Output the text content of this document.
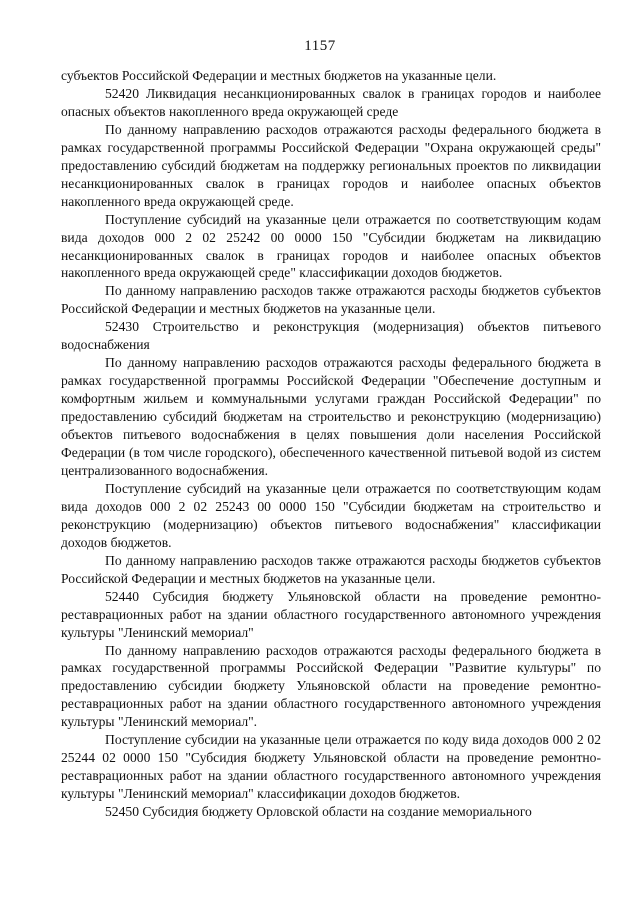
1157

субъектов Российской Федерации и местных бюджетов на указанные цели.

52420 Ликвидация несанкционированных свалок в границах городов и наиболее опасных объектов накопленного вреда окружающей среде

По данному направлению расходов отражаются расходы федерального бюджета в рамках государственной программы Российской Федерации "Охрана окружающей среды" предоставлению субсидий бюджетам на поддержку региональных проектов по ликвидации несанкционированных свалок в границах городов и наиболее опасных объектов накопленного вреда окружающей среде.

Поступление субсидий на указанные цели отражается по соответствующим кодам вида доходов 000 2 02 25242 00 0000 150 "Субсидии бюджетам на ликвидацию несанкционированных свалок в границах городов и наиболее опасных объектов накопленного вреда окружающей среде" классификации доходов бюджетов.

По данному направлению расходов также отражаются расходы бюджетов субъектов Российской Федерации и местных бюджетов на указанные цели.

52430 Строительство и реконструкция (модернизация) объектов питьевого водоснабжения

По данному направлению расходов отражаются расходы федерального бюджета в рамках государственной программы Российской Федерации "Обеспечение доступным и комфортным жильем и коммунальными услугами граждан Российской Федерации" по предоставлению субсидий бюджетам на строительство и реконструкцию (модернизацию) объектов питьевого водоснабжения в целях повышения доли населения Российской Федерации (в том числе городского), обеспеченного качественной питьевой водой из систем централизованного водоснабжения.

Поступление субсидий на указанные цели отражается по соответствующим кодам вида доходов 000 2 02 25243 00 0000 150 "Субсидии бюджетам на строительство и реконструкцию (модернизацию) объектов питьевого водоснабжения" классификации доходов бюджетов.

По данному направлению расходов также отражаются расходы бюджетов субъектов Российской Федерации и местных бюджетов на указанные цели.

52440 Субсидия бюджету Ульяновской области на проведение ремонтно-реставрационных работ на здании областного государственного автономного учреждения культуры "Ленинский мемориал"

По данному направлению расходов отражаются расходы федерального бюджета в рамках государственной программы Российской Федерации "Развитие культуры" по предоставлению субсидии бюджету Ульяновской области на проведение ремонтно-реставрационных работ на здании областного государственного автономного учреждения культуры "Ленинский мемориал".

Поступление субсидии на указанные цели отражается по коду вида доходов 000 2 02 25244 02 0000 150 "Субсидия бюджету Ульяновской области на проведение ремонтно-реставрационных работ на здании областного государственного автономного учреждения культуры "Ленинский мемориал" классификации доходов бюджетов.

52450 Субсидия бюджету Орловской области на создание мемориального
